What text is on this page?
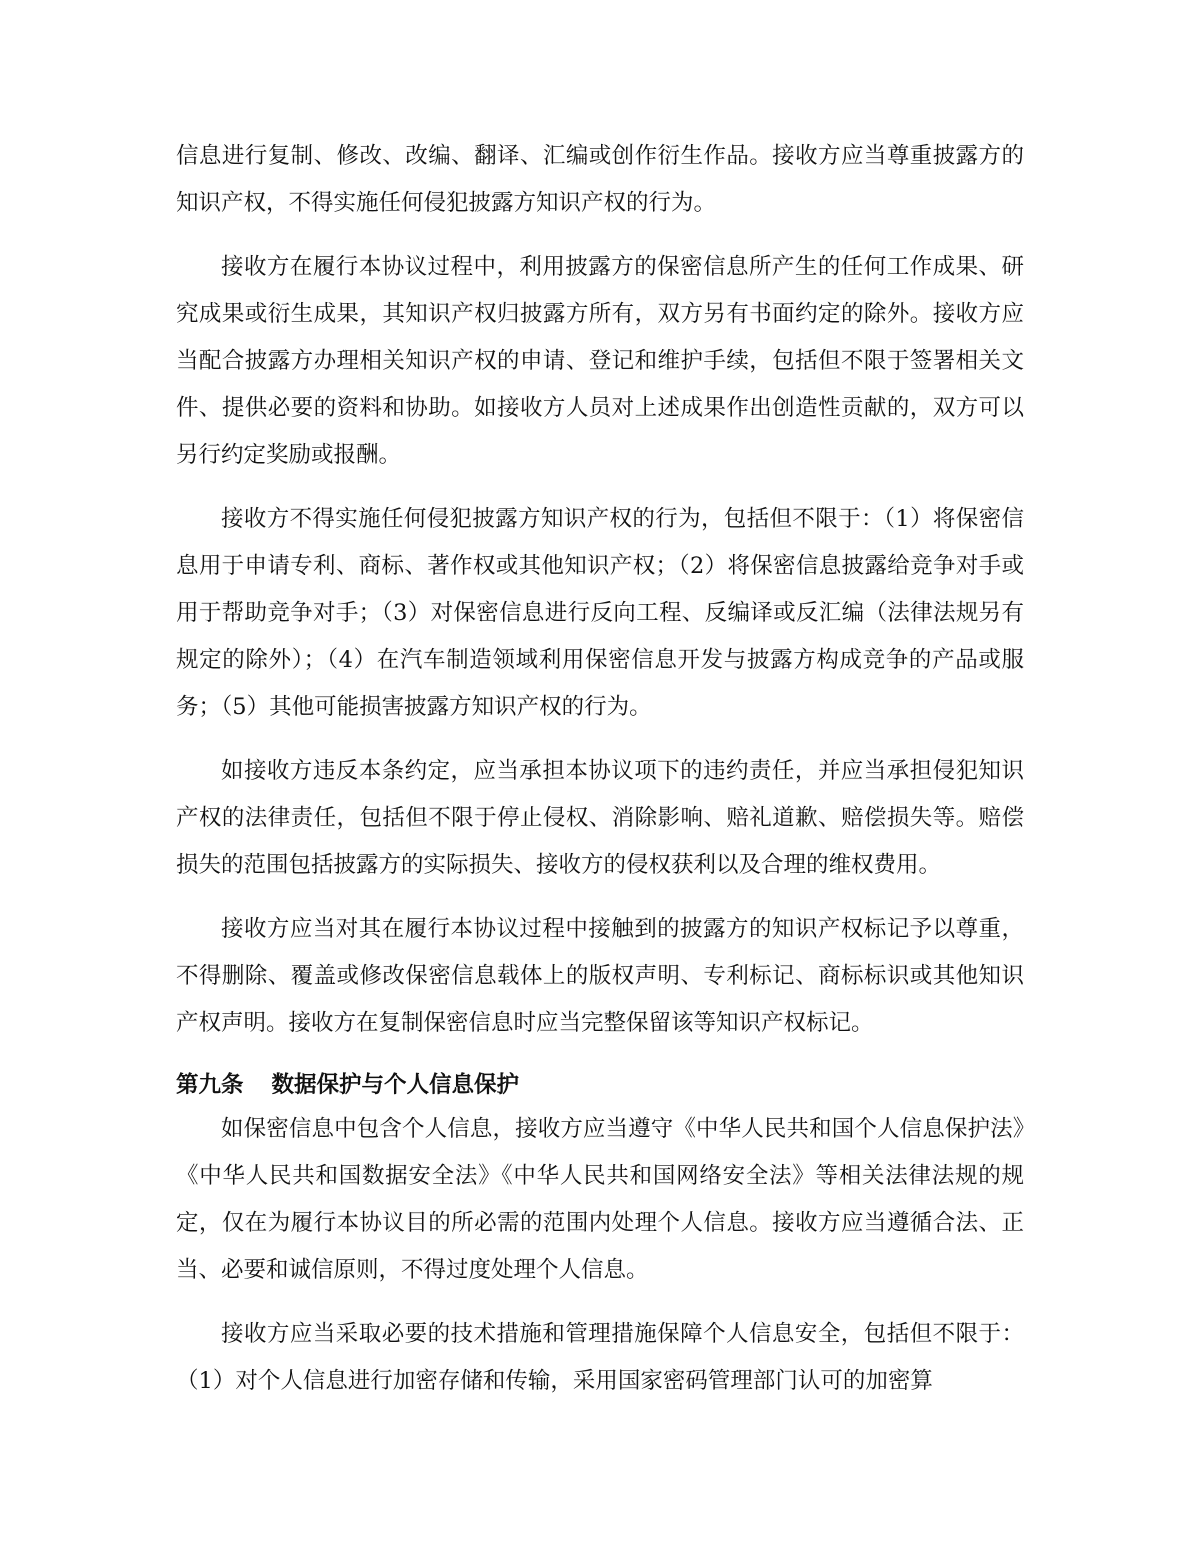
信息进行复制、修改、改编、翻译、汇编或创作衍生作品。接收方应当尊重披露方的知识产权，不得实施任何侵犯披露方知识产权的行为。

接收方在履行本协议过程中，利用披露方的保密信息所产生的任何工作成果、研究成果或衍生成果，其知识产权归披露方所有，双方另有书面约定的除外。接收方应当配合披露方办理相关知识产权的申请、登记和维护手续，包括但不限于签署相关文件、提供必要的资料和协助。如接收方人员对上述成果作出创造性贡献的，双方可以另行约定奖励或报酬。

接收方不得实施任何侵犯披露方知识产权的行为，包括但不限于：（1）将保密信息用于申请专利、商标、著作权或其他知识产权；（2）将保密信息披露给竞争对手或用于帮助竞争对手；（3）对保密信息进行反向工程、反编译或反汇编（法律法规另有规定的除外）；（4）在汽车制造领域利用保密信息开发与披露方构成竞争的产品或服务；（5）其他可能损害披露方知识产权的行为。

如接收方违反本条约定，应当承担本协议项下的违约责任，并应当承担侵犯知识产权的法律责任，包括但不限于停止侵权、消除影响、赔礼道歉、赔偿损失等。赔偿损失的范围包括披露方的实际损失、接收方的侵权获利以及合理的维权费用。

接收方应当对其在履行本协议过程中接触到的披露方的知识产权标记予以尊重，不得删除、覆盖或修改保密信息载体上的版权声明、专利标记、商标标识或其他知识产权声明。接收方在复制保密信息时应当完整保留该等知识产权标记。

第九条 数据保护与个人信息保护

如保密信息中包含个人信息，接收方应当遵守《中华人民共和国个人信息保护法》《中华人民共和国数据安全法》《中华人民共和国网络安全法》等相关法律法规的规定，仅在为履行本协议目的所必需的范围内处理个人信息。接收方应当遵循合法、正当、必要和诚信原则，不得过度处理个人信息。

接收方应当采取必要的技术措施和管理措施保障个人信息安全，包括但不限于：（1）对个人信息进行加密存储和传输，采用国家密码管理部门认可的加密算
